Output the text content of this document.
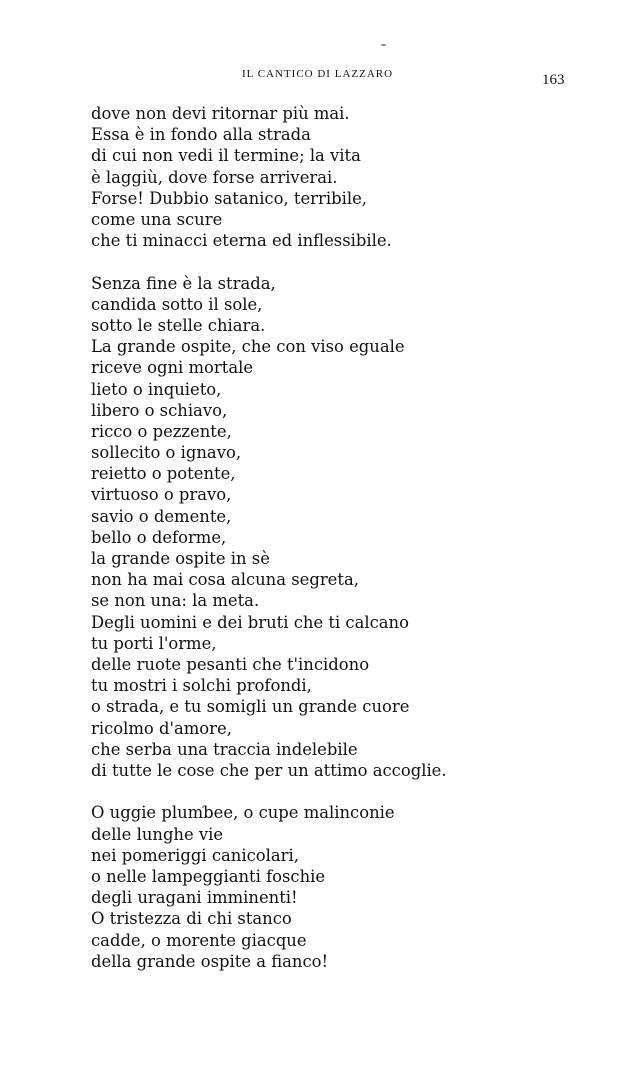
IL CANTICO DI LAZZARO	163
dove non devi ritornar più mai.
Essa è in fondo alla strada
di cui non vedi il termine; la vita
è laggiù, dove forse arriverai.
Forse! Dubbio satanico, terribile,
come una scure
che ti minacci eterna ed inflessibile.
Senza fine è la strada,
candida sotto il sole,
sotto le stelle chiara.
La grande ospite, che con viso eguale
riceve ogni mortale
lieto o inquieto,
libero o schiavo,
ricco o pezzente,
sollecito o ignavo,
reietto o potente,
virtuoso o pravo,
savio o demente,
bello o deforme,
la grande ospite in sè
non ha mai cosa alcuna segreta,
se non una: la meta.
Degli uomini e dei bruti che ti calcano
tu porti l'orme,
delle ruote pesanti che t'incidono
tu mostri i solchi profondi,
o strada, e tu somigli un grande cuore
ricolmo d'amore,
che serba una traccia indelebile
di tutte le cose che per un attimo accoglie.
O uggie plumbee, o cupe malinconie
delle lunghe vie
nei pomeriggi canicolari,
o nelle lampeggianti foschie
degli uragani imminenti!
O tristezza di chi stanco
cadde, o morente giacque
della grande ospite a fianco!
